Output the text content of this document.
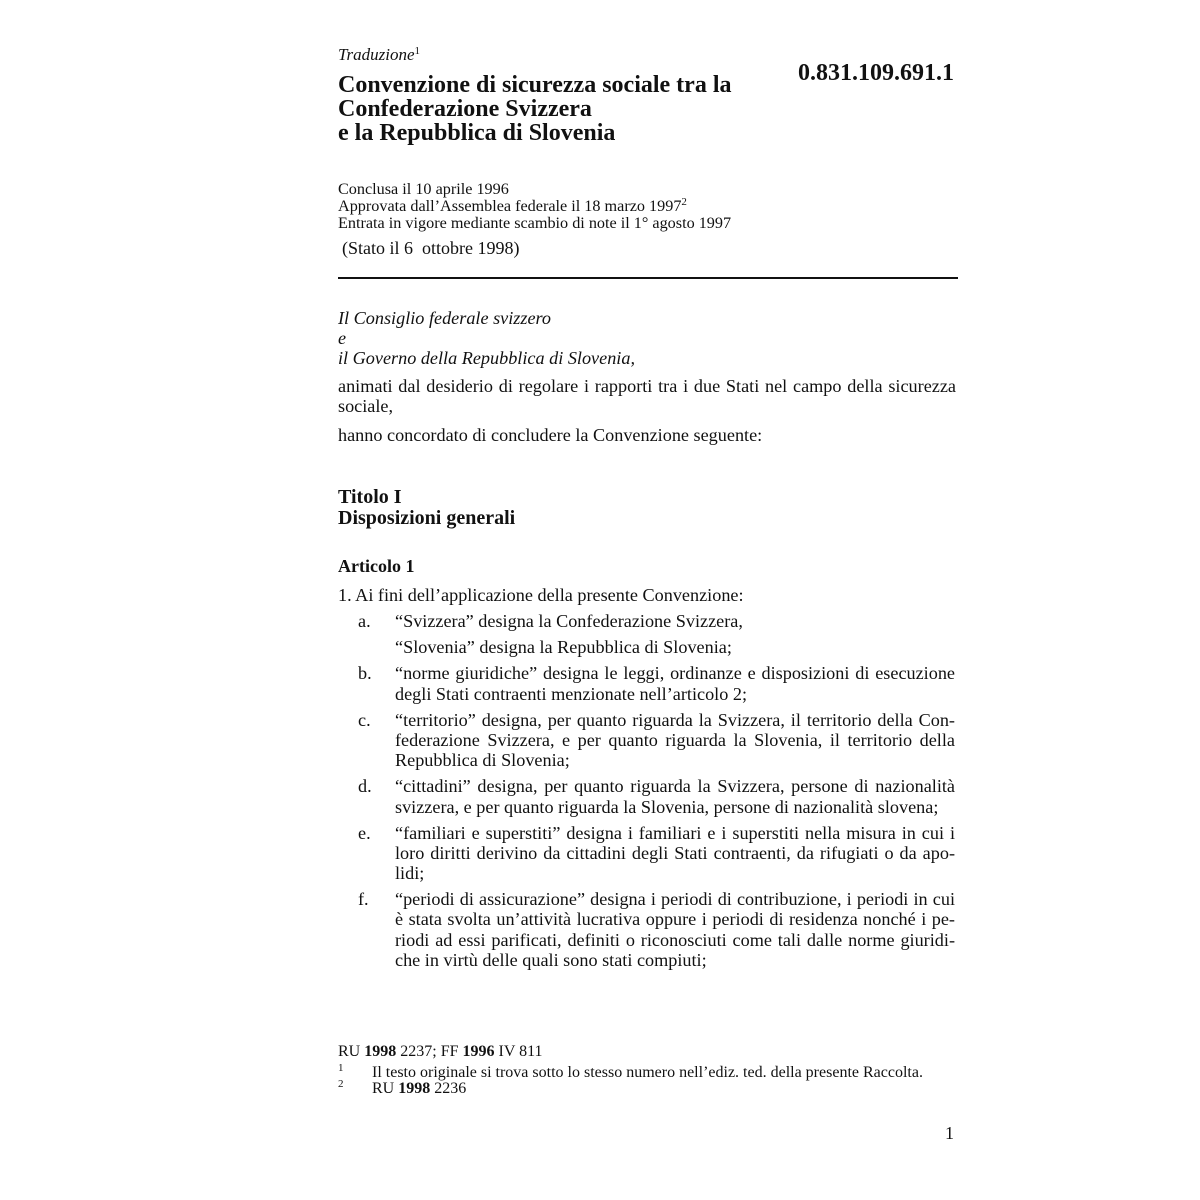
Traduzione$^1$
0.831.109.691.1
Convenzione di sicurezza sociale tra la
Confederazione Svizzera
e la Repubblica di Slovenia
Conclusa il 10 aprile 1996
Approvata dall’Assemblea federale il 18 marzo 1997$^2$
Entrata in vigore mediante scambio di note il 1° agosto 1997
(Stato il 6  ottobre 1998)
Il Consiglio federale svizzero
e
il Governo della Repubblica di Slovenia,
animati dal desiderio di regolare i rapporti tra i due Stati nel campo della sicurezza
sociale,
hanno concordato di concludere la Convenzione seguente:
Titolo I
Disposizioni generali
Articolo 1
1. Ai fini dell’applicazione della presente Convenzione:
a. “Svizzera” designa la Confederazione Svizzera,
“Slovenia” designa la Repubblica di Slovenia;
b. “norme giuridiche” designa le leggi, ordinanze e disposizioni di esecuzione
degli Stati contraenti menzionate nell’articolo 2;
c. “territorio” designa, per quanto riguarda la Svizzera, il territorio della Con-
federazione Svizzera, e per quanto riguarda la Slovenia, il territorio della
Repubblica di Slovenia;
d. “cittadini” designa, per quanto riguarda la Svizzera, persone di nazionalità
svizzera, e per quanto riguarda la Slovenia, persone di nazionalità slovena;
e. “familiari e superstiti” designa i familiari e i superstiti nella misura in cui i
loro diritti derivino da cittadini degli Stati contraenti, da rifugiati o da apo-
lidi;
f. “periodi di assicurazione” designa i periodi di contribuzione, i periodi in cui
è stata svolta un’attività lucrativa oppure i periodi di residenza nonché i pe-
riodi ad essi parificati, definiti o riconosciuti come tali dalle norme giuridi-
che in virtù delle quali sono stati compiuti;
RU 1998 2237; FF 1996 IV 811
1 Il testo originale si trova sotto lo stesso numero nell’ediz. ted. della presente Raccolta.
2 RU 1998 2236
1
